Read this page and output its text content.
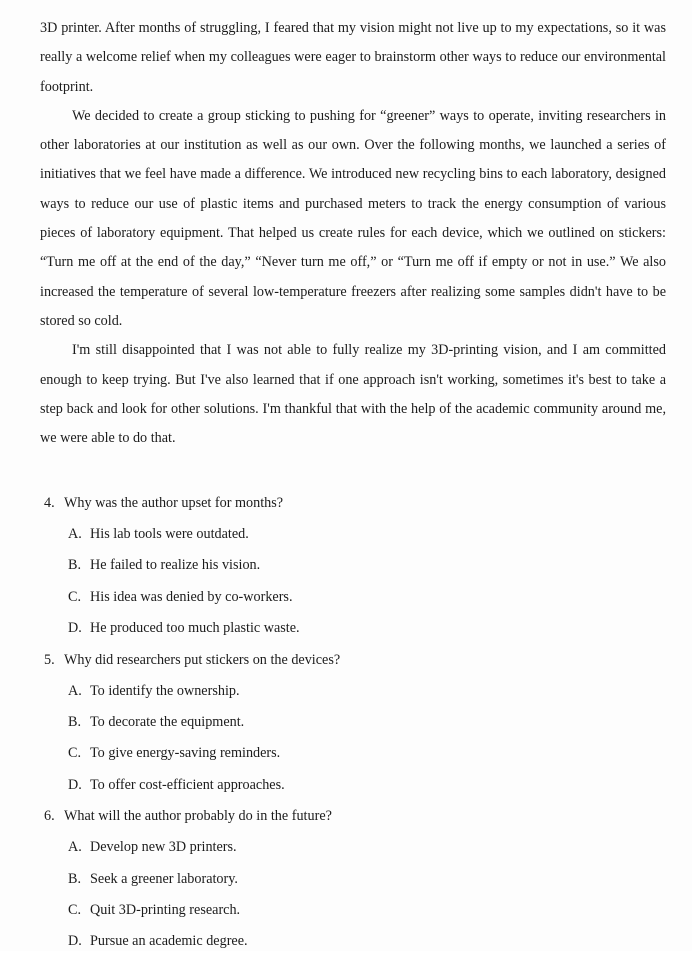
3D printer. After months of struggling, I feared that my vision might not live up to my expectations, so it was really a welcome relief when my colleagues were eager to brainstorm other ways to reduce our environmental footprint.

We decided to create a group sticking to pushing for “greener” ways to operate, inviting researchers in other laboratories at our institution as well as our own. Over the following months, we launched a series of initiatives that we feel have made a difference. We introduced new recycling bins to each laboratory, designed ways to reduce our use of plastic items and purchased meters to track the energy consumption of various pieces of laboratory equipment. That helped us create rules for each device, which we outlined on stickers: “Turn me off at the end of the day,” “Never turn me off,” or “Turn me off if empty or not in use.” We also increased the temperature of several low-temperature freezers after realizing some samples didn't have to be stored so cold.

I'm still disappointed that I was not able to fully realize my 3D-printing vision, and I am committed enough to keep trying. But I've also learned that if one approach isn't working, sometimes it's best to take a step back and look for other solutions. I'm thankful that with the help of the academic community around me, we were able to do that.

4. Why was the author upset for months?
A. His lab tools were outdated.
B. He failed to realize his vision.
C. His idea was denied by co-workers.
D. He produced too much plastic waste.
5. Why did researchers put stickers on the devices?
A. To identify the ownership.
B. To decorate the equipment.
C. To give energy-saving reminders.
D. To offer cost-efficient approaches.
6. What will the author probably do in the future?
A. Develop new 3D printers.
B. Seek a greener laboratory.
C. Quit 3D-printing research.
D. Pursue an academic degree.
